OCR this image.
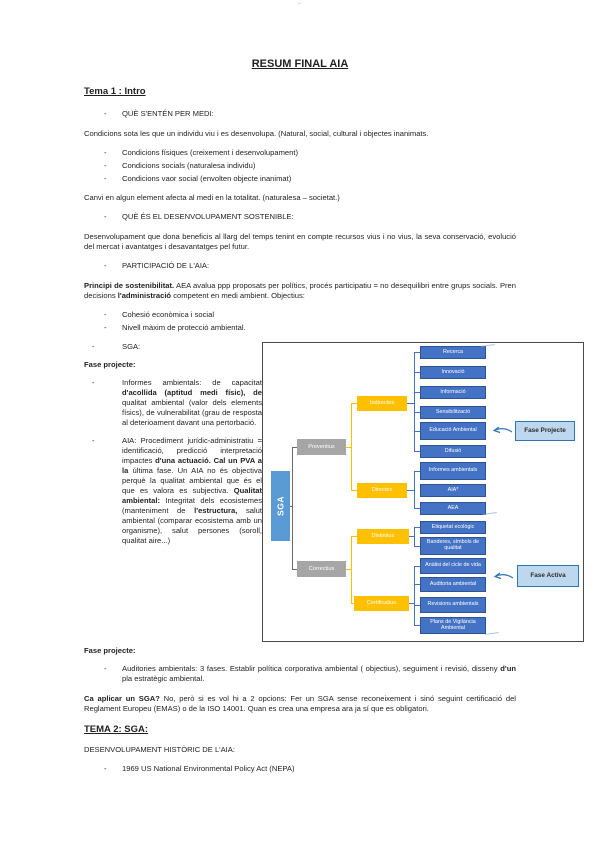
–
RESUM FINAL AIA
Tema 1 : Intro
- QUÈ S'ENTÉN PER MEDI:

Condicions sota les que un individu viu i es desenvolupa. (Natural, social, cultural i objectes inanimats.

- Condicions físiques (creixement i desenvolupament)
- Condicions socials (naturalesa individu)
- Condicions vaor social (envolten objecte inanimat)

Canvi en algun element afecta al medi en la totalitat. (naturalesa – societat.)

- QUÈ ÉS EL DESENVOLUPAMENT SOSTENIBLE:

Desenvolupament que dona beneficis al llarg del temps tenint en compte recursos vius i no vius, la seva conservació, evolució del mercat i avantatges i desavantatges pel futur.

- PARTICIPACIÓ DE L'AIA:

Principi de sostenibilitat. AEA avalua ppp proposats per polítics, procés participatiu = no desequilibri entre grups socials. Pren decisions l'administració competent en medi ambient. Objectius:

- Cohesió econòmica i social
- Nivell màxim de protecció ambiental.
- SGA:

Fase projecte:

- Informes ambientals: de capacitat d'acollida (aptitud medi físic), de qualitat ambiental (valor dels elements físics), de vulnerabilitat (grau de resposta al deterioament davant una pertorbació.
- AIA: Procediment jurídic-administratiu = identificació, predicció interpretació impactes d'una actuació. Cal un PVA a la última fase. Un AIA no és objectiva perquè la qualitat ambiental que és el que es valora es subjectiva. Qualitat ambiental: Integritat dels ecosistemes (manteniment de l'estructura, salut ambiental (comparar ecosistema amb un organisme), salut persones (soroll, qualitat aire...)
SGA
Preventius
Correctius
Indirectes
Directes
Distintius
Certificatius
Recerca
Innovació
Informació
Sensibilització
Educació Ambiental
Difusió
Informes ambientals
AIA*
AEA
Etiquetat ecològic
Banderes, símbols de qualitat
Anàlisi del cicle de vida
Auditoria ambiental
Revisions ambientals
Plans de Vigilància Ambiental
Fase Projecte
Fase Activa

Fase projecte:

- Auditories ambientals: 3 fases. Establir política corporativa ambiental ( objectius), seguiment i revisió, disseny d'un pla estratègic ambiental.

Ca aplicar un SGA? No, però si es vol hi a 2 opcions: Fer un SGA sense reconeixement i sinó seguint certificació del Reglament Europeu (EMAS) o de la ISO 14001. Quan es crea una empresa ara ja sí que es obligatori.

TEMA 2: SGA:

DESENVOLUPAMENT HISTÒRIC DE L'AIA:

- 1969 US National Environmental Policy Act (NEPA)
